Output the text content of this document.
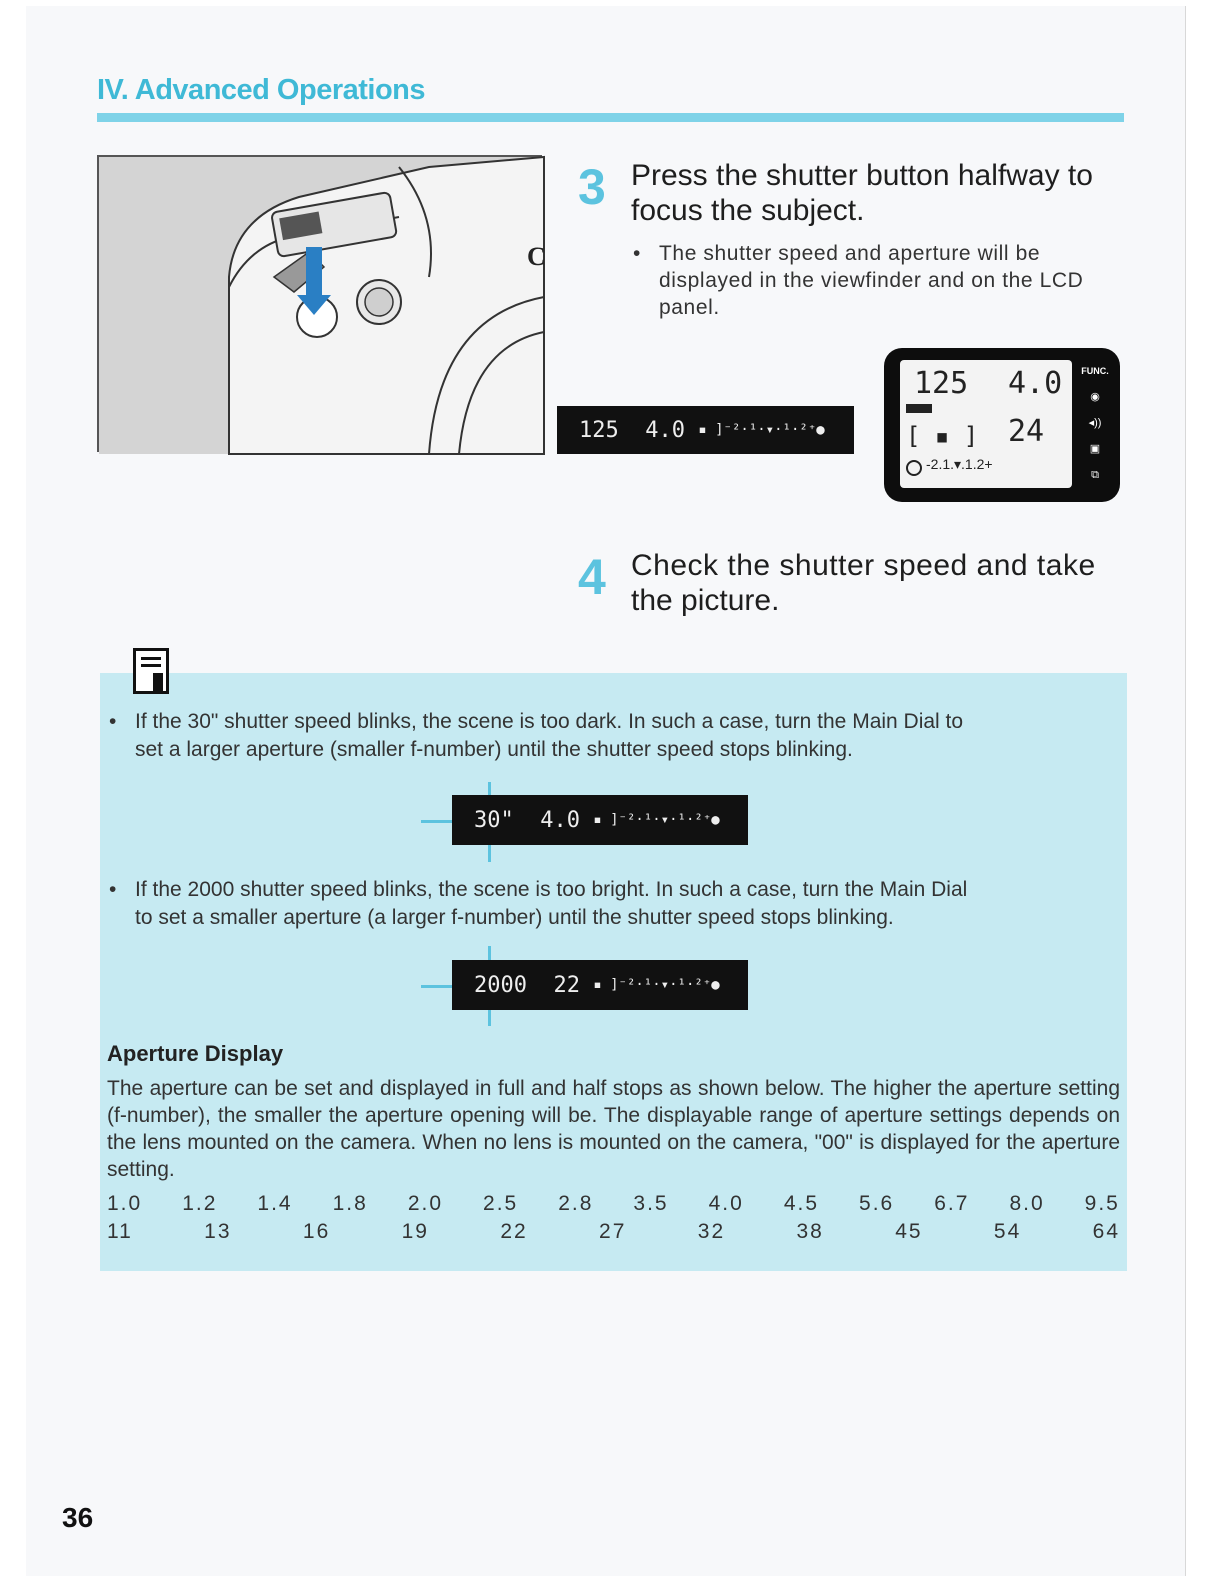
IV. Advanced Operations
C
3 Press the shutter button halfway to
focus the subject.
• The shutter speed and aperture will be
displayed in the viewfinder and on the LCD
panel.
125
4.0
▪ ]⁻²·¹·▾·¹·²⁺●
125 4.0
[ ▪ ] 24
-2.1.▾.1.2+
FUNC.
◉
◂))
▣
⧉
4 Check the shutter speed and take
the picture.
• If the 30" shutter speed blinks, the scene is too dark. In such a case, turn the Main Dial to
set a larger aperture (smaller f-number) until the shutter speed stops blinking.
30"
4.0
▪ ]⁻²·¹·▾·¹·²⁺●
• If the 2000 shutter speed blinks, the scene is too bright. In such a case, turn the Main Dial
to set a smaller aperture (a larger f-number) until the shutter speed stops blinking.
2000
22
▪ ]⁻²·¹·▾·¹·²⁺●
Aperture Display
The aperture can be set and displayed in full and half stops as shown below. The higher the aperture setting (f-number), the smaller the aperture opening will be. The displayable range of aperture settings depends on the lens mounted on the camera. When no lens is mounted on the camera, "00" is displayed for the aperture setting.
1.0 1.2 1.4 1.8 2.0 2.5 2.8 3.5 4.0 4.5 5.6 6.7 8.0 9.5
11	13	16	19	22	27	32	38	45	54	64
36
